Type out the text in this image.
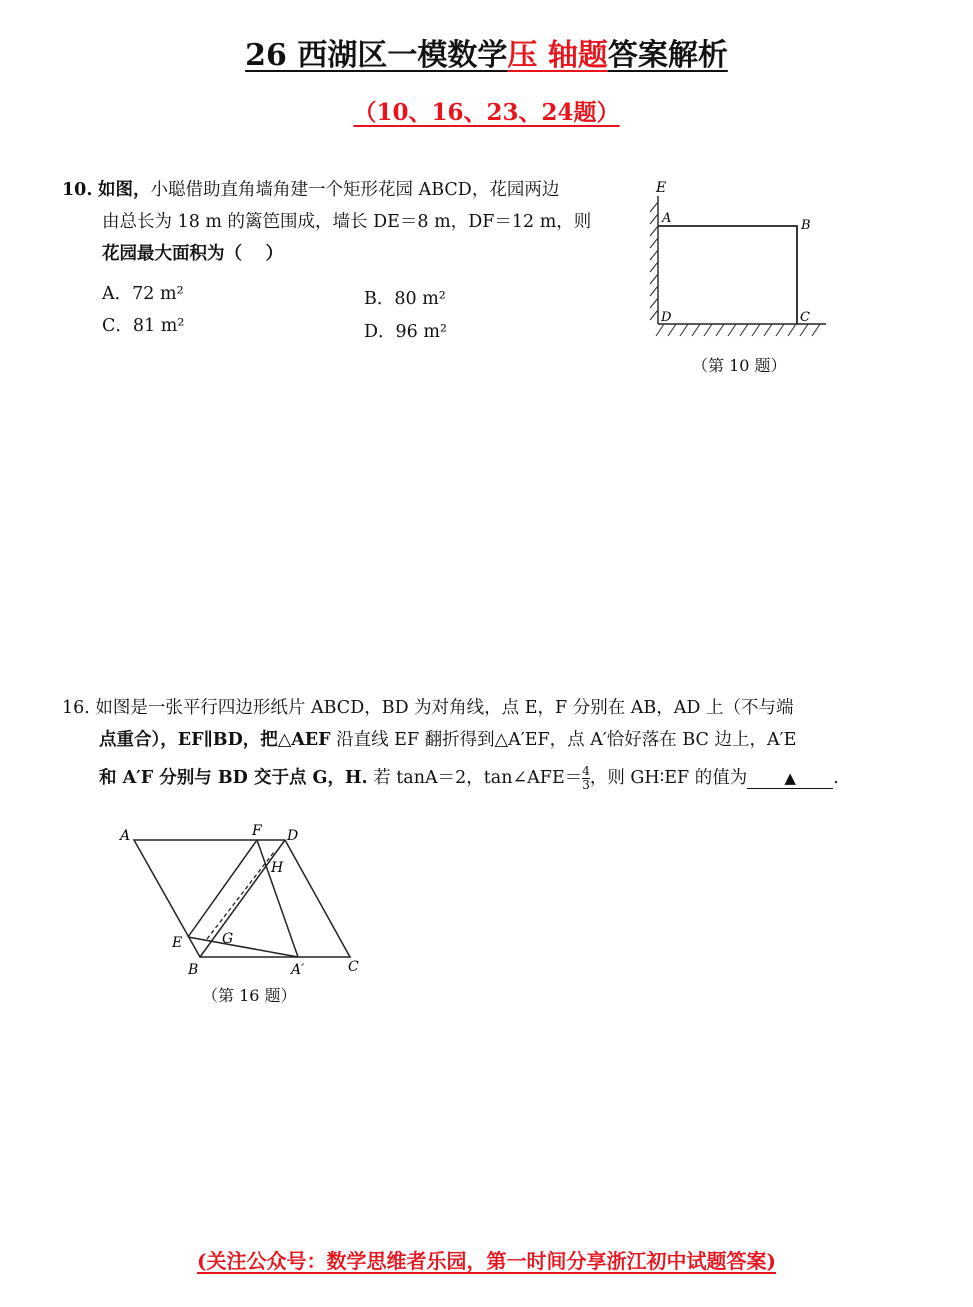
26 西湖区一模数学压 轴题答案解析
（10、16、23、24题）
10. 如图，小聪借助直角墙角建一个矩形花园 ABCD，花园两边
由总长为 18 m 的篱笆围成，墙长 DE＝8 m，DF＝12 m，则
花园最大面积为（　 ）
A．72 m²	B．80 m²
C．81 m²	D．96 m²
E
A	B
D	C
（第 10 题）
16. 如图是一张平行四边形纸片 ABCD，BD 为对角线，点 E，F 分别在 AB，AD 上（不与端
点重合），EF∥BD，把△AEF 沿直线 EF 翻折得到△A′EF，点 A′恰好落在 BC 边上，A′E
和 A′F 分别与 BD 交于点 G，H. 若 tanA＝2，tan∠AFE＝ $\frac{4}{3}$ ，则 GH∶EF 的值为 ▲ .
A	F D
H
E	G
B	A′	C
（第 16 题）
(关注公众号：数学思维者乐园，第一时间分享浙江初中试题答案)
